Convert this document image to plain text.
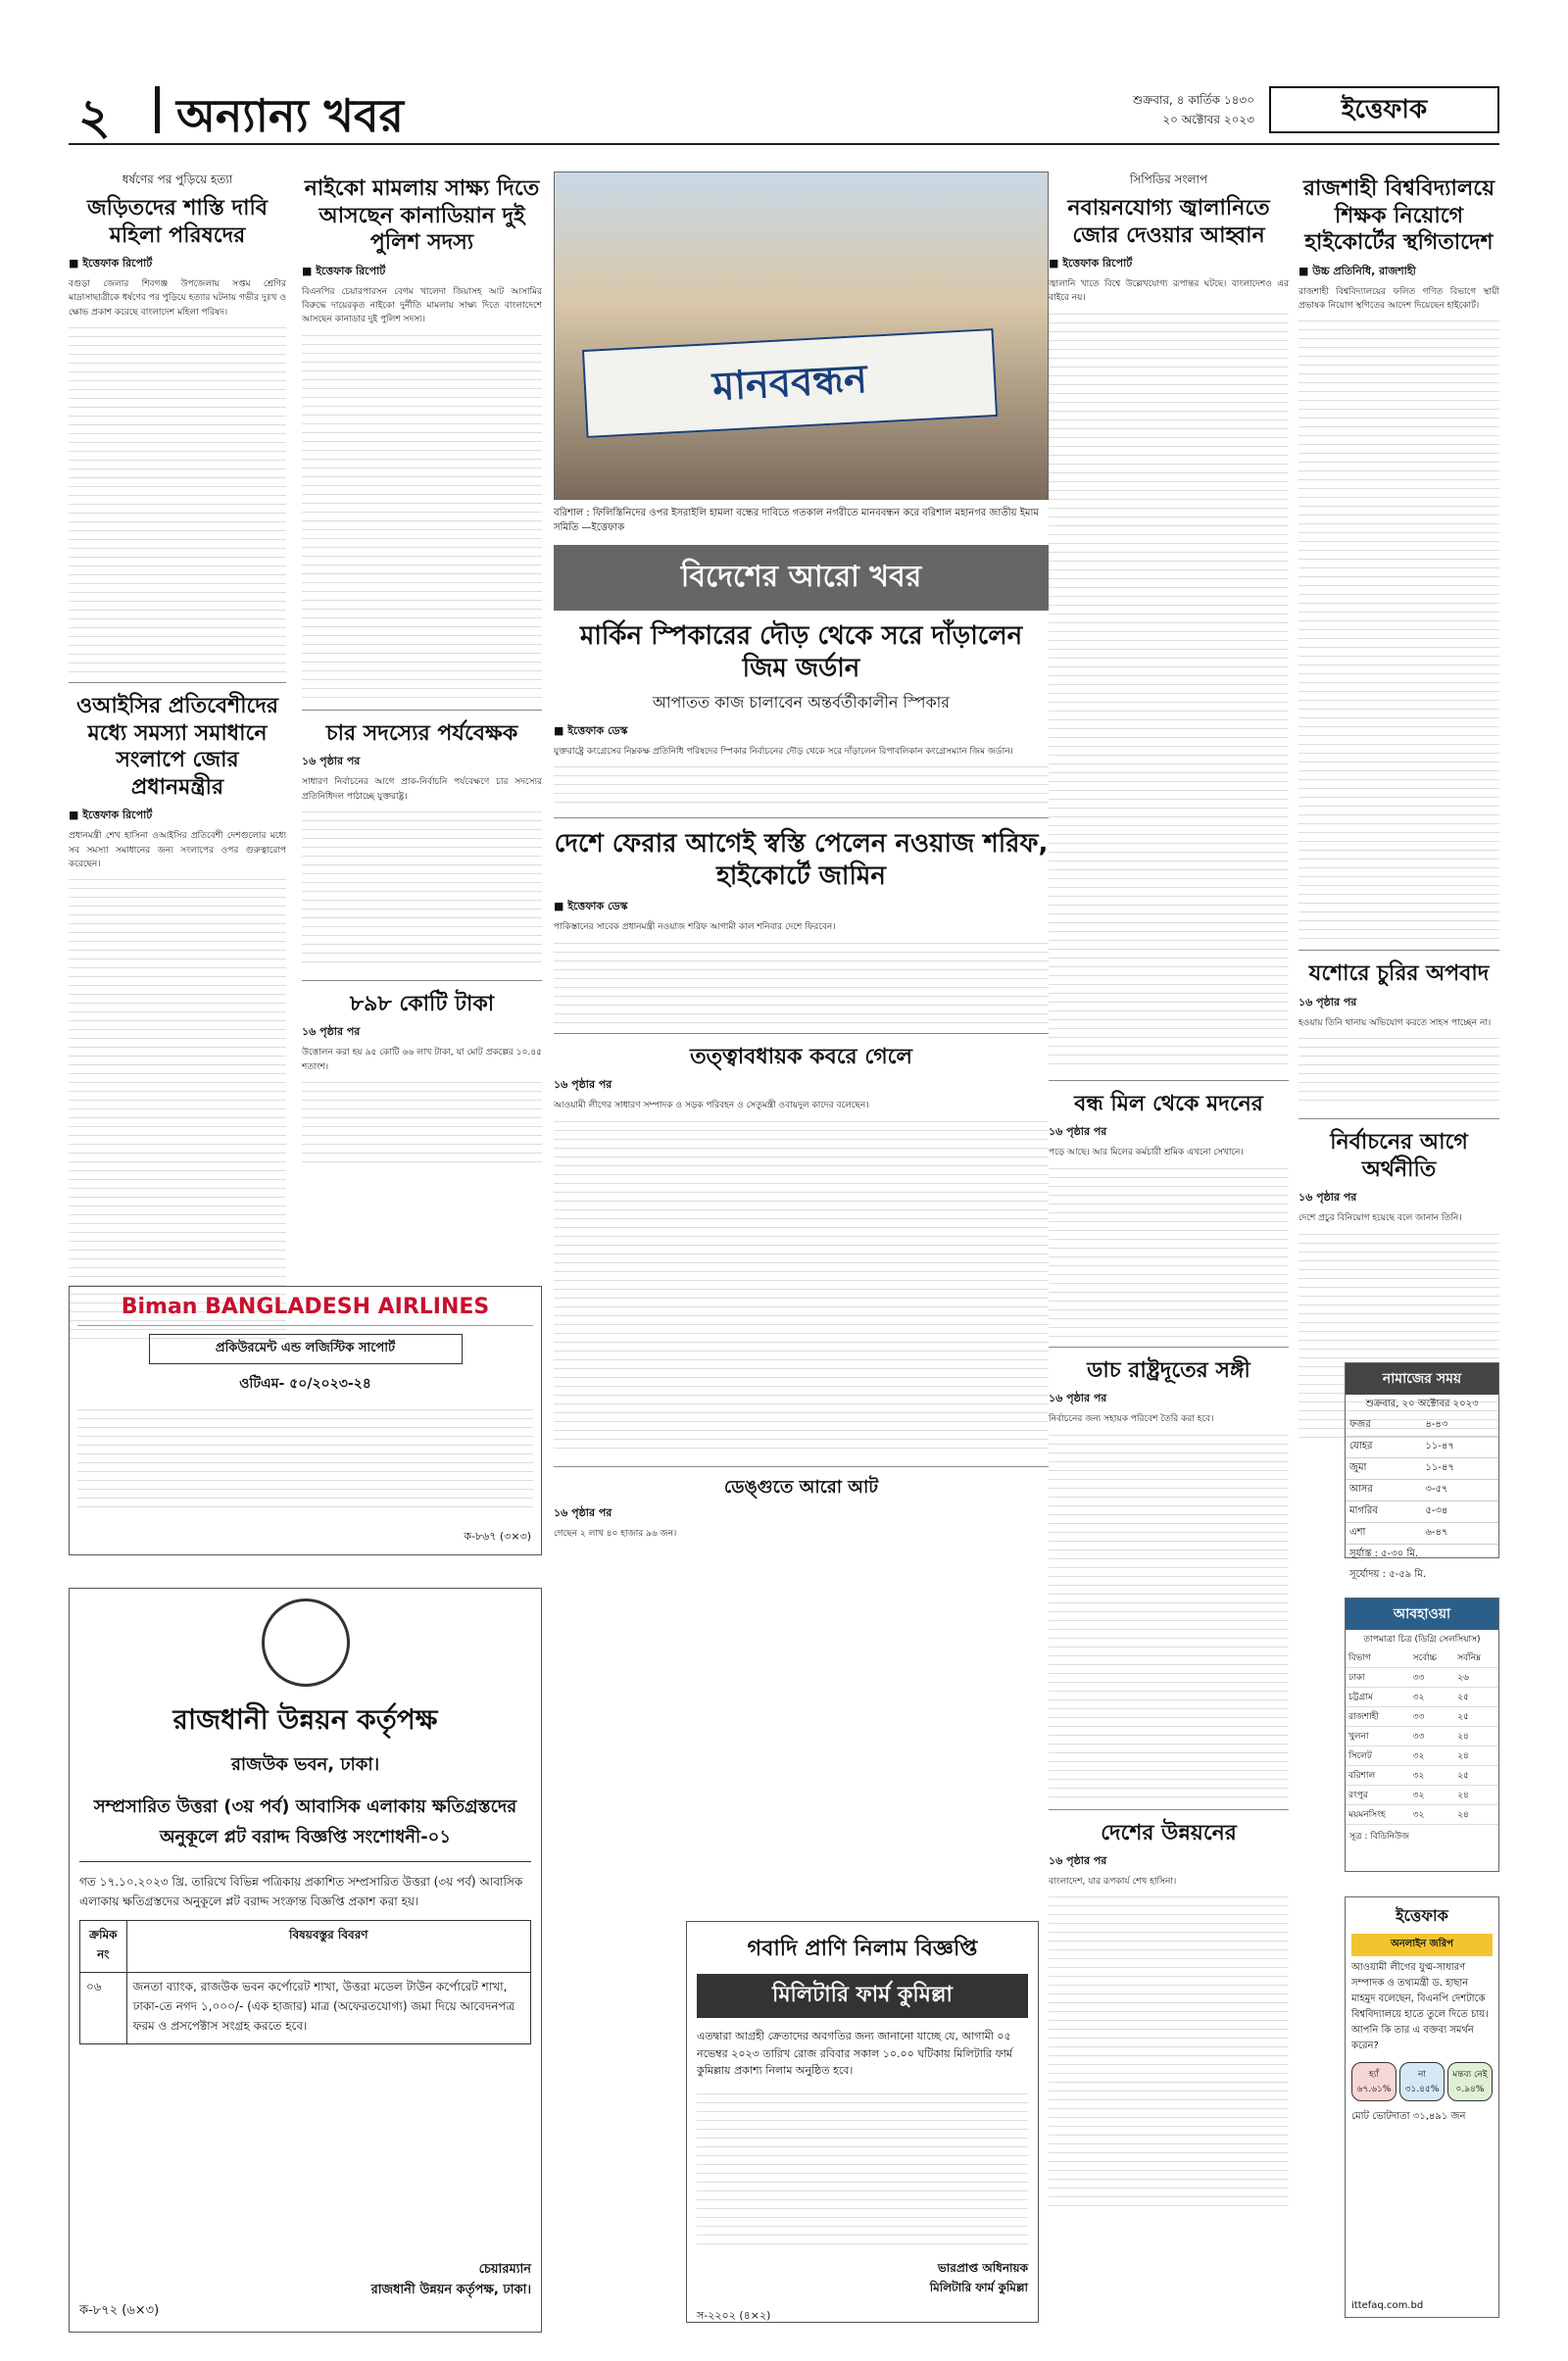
২ অন্যান্য খবর	শুক্রবার, ৪ কার্তিক ১৪৩০
২০ অক্টোবর ২০২৩	ইত্তেফাক
ধর্ষণের পর পুড়িয়ে হত্যা
জড়িতদের শাস্তি দাবি মহিলা পরিষদের
■ ইত্তেফাক রিপোর্ট
বগুড়া জেলার শিবগঞ্জ উপজেলায় সপ্তম শ্রেণির মাদ্রাসাছাত্রীকে ধর্ষণের পর পুড়িয়ে হত্যার ঘটনায় গভীর দুঃখ ও ক্ষোভ প্রকাশ করেছে বাংলাদেশ মহিলা পরিষদ।
ওআইসির প্রতিবেশীদের মধ্যে সমস্যা সমাধানে সংলাপে জোর প্রধানমন্ত্রীর
■ ইত্তেফাক রিপোর্ট
প্রধানমন্ত্রী শেখ হাসিনা ওআইসির প্রতিবেশী দেশগুলোর মধ্যে সব সমস্যা সমাধানের জন্য সংলাপের ওপর গুরুত্বারোপ করেছেন।
নাইকো মামলায় সাক্ষ্য দিতে আসছেন কানাডিয়ান দুই পুলিশ সদস্য
■ ইত্তেফাক রিপোর্ট
বিএনপির চেয়ারপারসন বেগম খালেদা জিয়াসহ আট আসামির বিরুদ্ধে দায়েরকৃত নাইকো দুর্নীতি মামলায় সাক্ষ্য দিতে বাংলাদেশে আসছেন কানাডার দুই পুলিশ সদস্য।
চার সদস্যের পর্যবেক্ষক
১৬ পৃষ্ঠার পর
সাধারণ নির্বাচনের আগে প্রাক-নির্বাচনি পর্যবেক্ষণে চার সদস্যের প্রতিনিধিদল পাঠাচ্ছে যুক্তরাষ্ট্র।
৮৯৮ কোটি টাকা
১৬ পৃষ্ঠার পর
উত্তোলন করা হয় ৯৫ কোটি ৬৬ লাখ টাকা, যা মোট প্রকল্পের ১০.৪৫ শতাংশ।
মানববন্ধন
বরিশাল : ফিলিস্তিনিদের ওপর ইসরাইলি হামলা বন্ধের দাবিতে গতকাল নগরীতে মানববন্ধন করে বরিশাল মহানগর জাতীয় ইমাম সমিতি —ইত্তেফাক
বিদেশের আরো খবর
মার্কিন স্পিকারের দৌড় থেকে সরে দাঁড়ালেন জিম জর্ডান
আপাতত কাজ চালাবেন অন্তর্বর্তীকালীন স্পিকার
■ ইত্তেফাক ডেস্ক
যুক্তরাষ্ট্রে কংগ্রেসের নিম্নকক্ষ প্রতিনিধি পরিষদের স্পিকার নির্বাচনের দৌড় থেকে সরে দাঁড়ালেন রিপাবলিকান কংগ্রেসম্যান জিম জর্ডান।
দেশে ফেরার আগেই স্বস্তি পেলেন নওয়াজ শরিফ, হাইকোর্টে জামিন
■ ইত্তেফাক ডেস্ক
পাকিস্তানের সাবেক প্রধানমন্ত্রী নওয়াজ শরিফ আগামী কাল শনিবার দেশে ফিরবেন।
তত্ত্বাবধায়ক কবরে গেলে
১৬ পৃষ্ঠার পর
আওয়ামী লীগের সাধারণ সম্পাদক ও সড়ক পরিবহন ও সেতুমন্ত্রী ওবায়দুল কাদের বলেছেন।
ডেঙ্গুতে আরো আট
১৬ পৃষ্ঠার পর
গেছেন ২ লাখ ৪০ হাজার ৯৬ জন।
সিপিডির সংলাপ
নবায়নযোগ্য জ্বালানিতে জোর দেওয়ার আহ্বান
■ ইত্তেফাক রিপোর্ট
জ্বালানি খাতে বিশ্বে উল্লেখযোগ্য রূপান্তর ঘটছে। বাংলাদেশও এর বাইরে নয়।
বন্ধ মিল থেকে মদনের
১৬ পৃষ্ঠার পর
পড়ে আছে। আর মিলের কর্মচারী শ্রমিক এখনো সেখানে।
ডাচ রাষ্ট্রদূতের সঙ্গী
১৬ পৃষ্ঠার পর
নির্বাচনের জন্য সহায়ক পরিবেশ তৈরি করা হবে।
দেশের উন্নয়নের
১৬ পৃষ্ঠার পর
বাংলাদেশ, যার রূপকার্য শেখ হাসিনা।
রাজশাহী বিশ্ববিদ্যালয়ে শিক্ষক নিয়োগে হাইকোর্টের স্থগিতাদেশ
■ উচ্চ প্রতিনিধি, রাজশাহী
রাজশাহী বিশ্ববিদ্যালয়ের ফলিত গণিত বিভাগে স্থায়ী প্রভাষক নিয়োগ স্থগিতের আদেশ দিয়েছেন হাইকোর্ট।
যশোরে চুরির অপবাদ
১৬ পৃষ্ঠার পর
হওয়ায় তিনি থানায় অভিযোগ করতে সাহস পাচ্ছেন না।
নির্বাচনের আগে অর্থনীতি
১৬ পৃষ্ঠার পর
দেশে প্রচুর বিনিয়োগ হয়েছে বলে জানান তিনি।
Biman BANGLADESH AIRLINES
প্রকিউরমেন্ট এন্ড লজিস্টিক সাপোর্ট
ওটিএম- ৫০/২০২৩-২৪
ক-৮৬৭ (৩×৩)
রাজধানী উন্নয়ন কর্তৃপক্ষ
রাজউক ভবন, ঢাকা।
সম্প্রসারিত উত্তরা (৩য় পর্ব) আবাসিক এলাকায় ক্ষতিগ্রস্তদের অনুকূলে প্লট বরাদ্দ বিজ্ঞপ্তি সংশোধনী-০১
গত ১৭.১০.২০২৩ খ্রি. তারিখে বিভিন্ন পত্রিকায় প্রকাশিত সম্প্রসারিত উত্তরা (৩য় পর্ব) আবাসিক এলাকায় ক্ষতিগ্রস্তদের অনুকূলে প্লট বরাদ্দ সংক্রান্ত বিজ্ঞপ্তি প্রকাশ করা হয়।
ক্রমিক নং	বিষয়বস্তুর বিবরণ
০৬	জনতা ব্যাংক, রাজউক ভবন কর্পোরেট শাখা, উত্তরা মডেল টাউন কর্পোরেট শাখা, ঢাকা-তে নগদ ১,০০০/- (এক হাজার) মাত্র (অফেরতযোগ্য) জমা দিয়ে আবেদনপত্র ফরম ও প্রসপেক্টাস সংগ্রহ করতে হবে।
চেয়ারম্যান
রাজধানী উন্নয়ন কর্তৃপক্ষ, ঢাকা।
ক-৮৭২ (৬×৩)
গবাদি প্রাণি নিলাম বিজ্ঞপ্তি
মিলিটারি ফার্ম কুমিল্লা
এতদ্বারা আগ্রহী ক্রেতাদের অবগতির জন্য জানানো যাচ্ছে যে, আগামী ০৫ নভেম্বর ২০২৩ তারিখ রোজ রবিবার সকাল ১০.০০ ঘটিকায় মিলিটারি ফার্ম কুমিল্লায় প্রকাশ্য নিলাম অনুষ্ঠিত হবে।
ভারপ্রাপ্ত অধিনায়ক
মিলিটারি ফার্ম কুমিল্লা
স-২২০২ (৪×২)
নামাজের সময়
শুক্রবার, ২০ অক্টোবর ২০২৩
ফজর	৪-৪৩
যোহর	১১-৪৭
জুমা	১১-৪৭
আসর	৩-৫৭
মাগরিব	৫-৩৪
এশা	৬-৪৭
সূর্যাস্ত : ৫-৩০ মি.
সূর্যোদয় : ৫-৫৯ মি.
আবহাওয়া
তাপমাত্রা চিত্র (ডিগ্রি সেলসিয়াস)
বিভাগ	সর্বোচ্চ	সর্বনিম্ন
ঢাকা	৩৩	২৬
চট্টগ্রাম	৩২	২৫
রাজশাহী	৩৩	২৫
খুলনা	৩৩	২৪
সিলেট	৩২	২৪
বরিশাল	৩২	২৫
রংপুর	৩২	২৪
ময়মনসিংহ	৩২	২৪
সূত্র : বিডিনিউজ
ইত্তেফাক
অনলাইন জরিপ
আওয়ামী লীগের যুগ্ম-সাধারণ সম্পাদক ও তথ্যমন্ত্রী ড. হাছান মাহমুদ বলেছেন, বিএনপি দেশটাকে বিশ্ববিদ্যালয়ে হাতে তুলে দিতে চায়। আপনি কি তার এ বক্তব্য সমর্থন করেন?
হ্যাঁ ৬৭.৬১%
না ৩১.৪৫%
মন্তব্য নেই ০.৯৪%
মোট ভোটদাতা ৩১,৪৯১ জন
ittefaq.com.bd
